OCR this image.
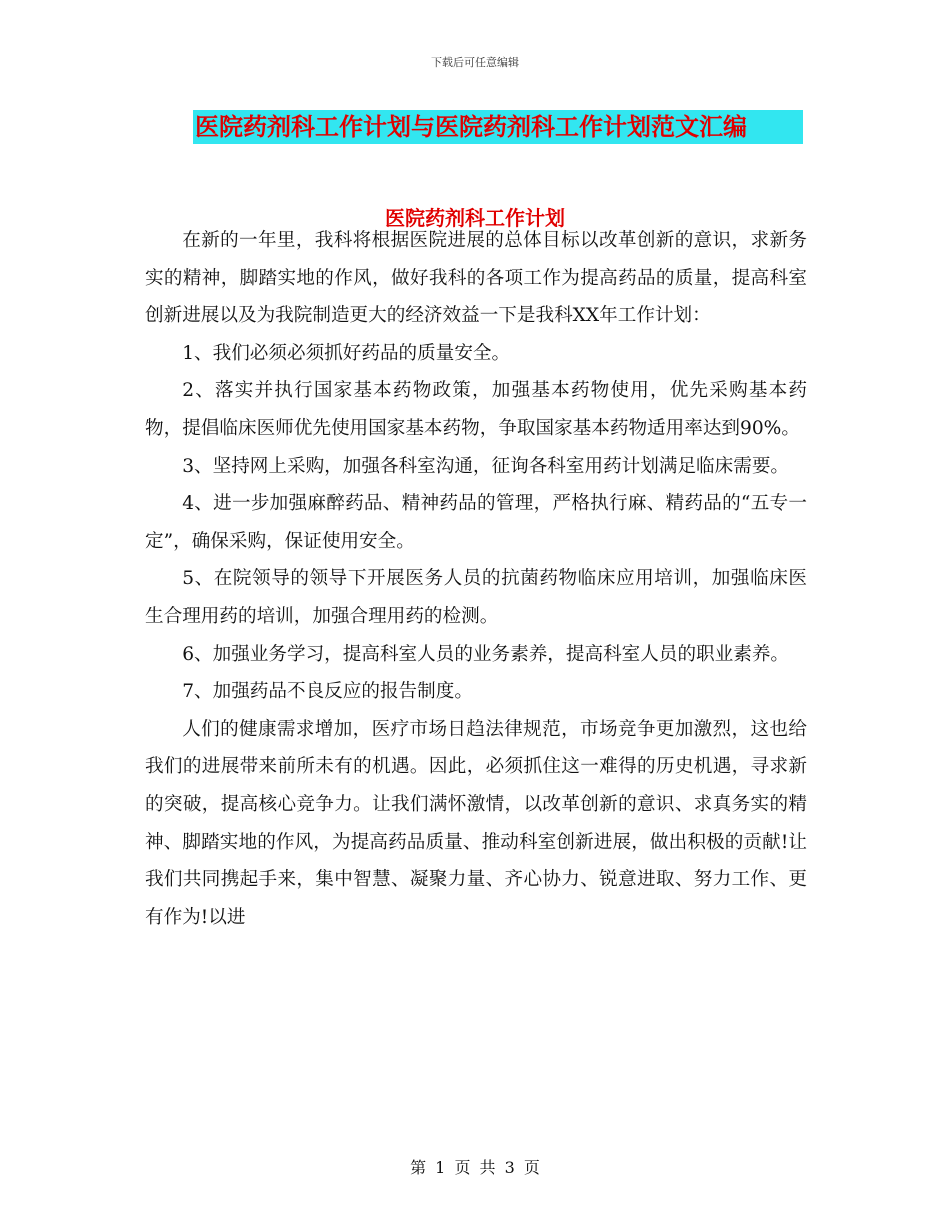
下载后可任意编辑
医院药剂科工作计划与医院药剂科工作计划范文汇编
医院药剂科工作计划

在新的一年里，我科将根据医院进展的总体目标以改革创新的意识，求新务实的精神，脚踏实地的作风，做好我科的各项工作为提高药品的质量，提高科室创新进展以及为我院制造更大的经济效益一下是我科XX年工作计划：

1、我们必须必须抓好药品的质量安全。

2、落实并执行国家基本药物政策，加强基本药物使用，优先采购基本药物，提倡临床医师优先使用国家基本药物，争取国家基本药物适用率达到90%。

3、坚持网上采购，加强各科室沟通，征询各科室用药计划满足临床需要。

4、进一步加强麻醉药品、精神药品的管理，严格执行麻、精药品的“五专一定”，确保采购，保证使用安全。

5、在院领导的领导下开展医务人员的抗菌药物临床应用培训，加强临床医生合理用药的培训，加强合理用药的检测。

6、加强业务学习，提高科室人员的业务素养，提高科室人员的职业素养。

7、加强药品不良反应的报告制度。

人们的健康需求增加，医疗市场日趋法律规范，市场竞争更加激烈，这也给我们的进展带来前所未有的机遇。因此，必须抓住这一难得的历史机遇，寻求新的突破，提高核心竞争力。让我们满怀激情，以改革创新的意识、求真务实的精神、脚踏实地的作风，为提高药品质量、推动科室创新进展，做出积极的贡献!让我们共同携起手来，集中智慧、凝聚力量、齐心协力、锐意进取、努力工作、更有作为!以进

第 1 页 共 3 页
